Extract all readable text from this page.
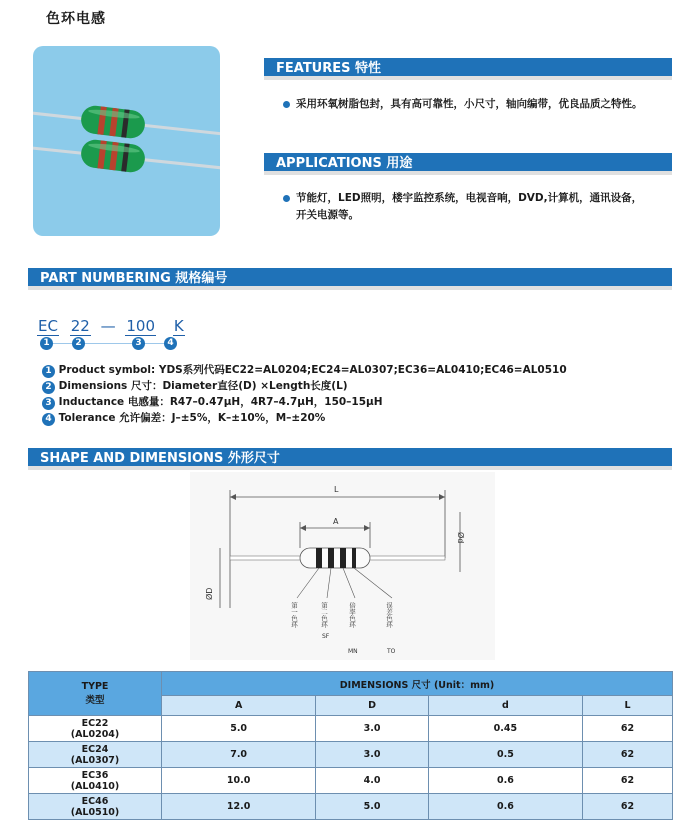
色环电感
FEATURES 特性
采用环氧树脂包封，具有高可靠性，小尺寸，轴向编带，优良品质之特性。
APPLICATIONS 用途
节能灯，LED照明，楼宇监控系统，电视音响，DVD,计算机，通讯设备，
开关电源等。
PART NUMBERING 规格编号
EC 22 — 100 K
1	2	3	4
1 Product symbol: YDS系列代码EC22=AL0204;EC24=AL0307;EC36=AL0410;EC46=AL0510
2 Dimensions 尺寸：Diameter直径(D) ×Length长度(L)
3 Inductance 电感量：R47–0.47μH，4R7–4.7μH，150–15μH
4 Tolerance 允许偏差：J–±5%，K–±10%，M–±20%
SHAPE AND DIMENSIONS 外形尺寸
L
A
Ød
ØD
第一色环	第二色环	倍率色环	误差色环
SF
MN	TO
TYPE
类型	DIMENSIONS 尺寸 (Unit：mm)			
	A	D	d	L

EC22
(AL0204)	5.0	3.0	0.45	62

EC24
(AL0307)	7.0	3.0	0.5	62

EC36
(AL0410)	10.0	4.0	0.6	62

EC46
(AL0510)	12.0	5.0	0.6	62
